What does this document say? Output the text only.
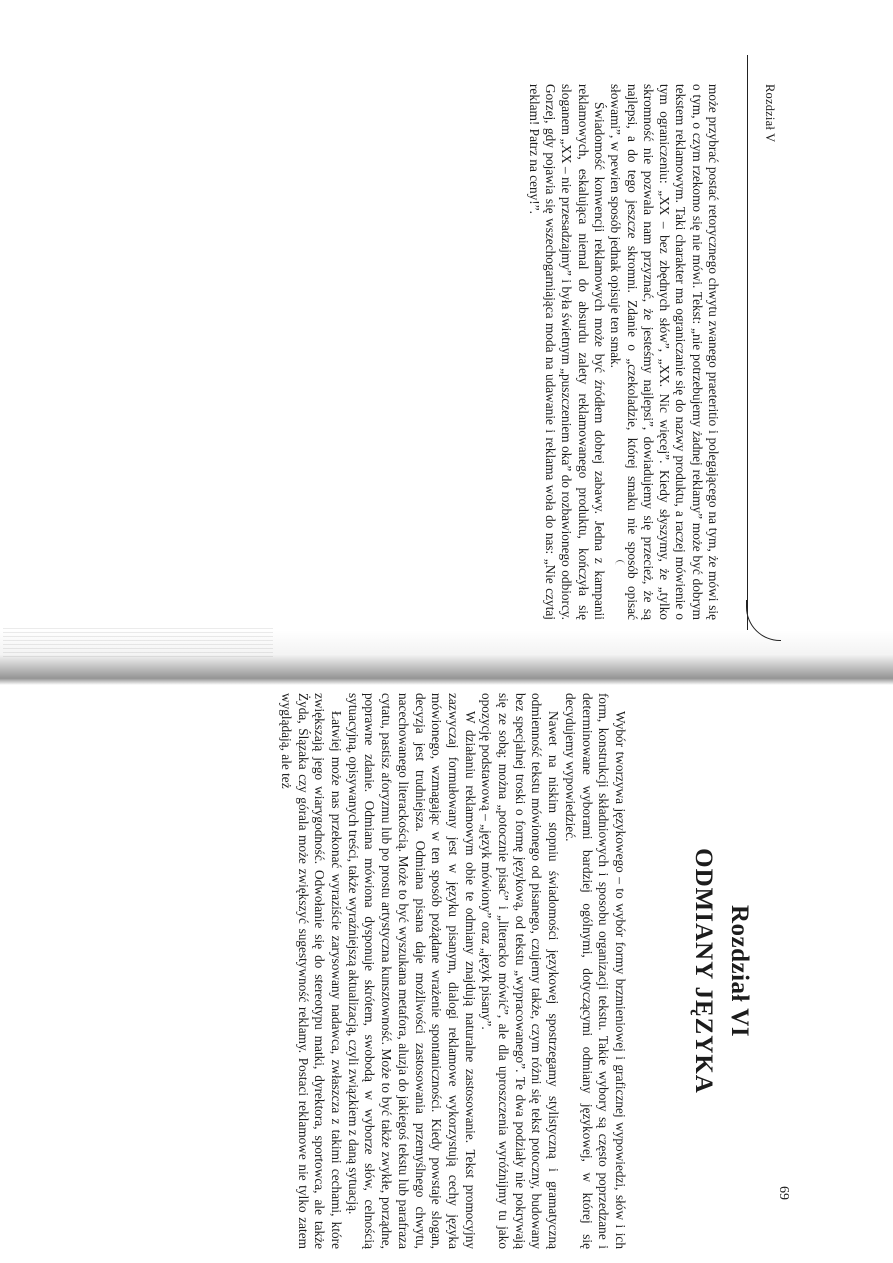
Rozdział V

może przybrać postać retorycznego chwytu zwanego praeteritio i polegającego na tym, że mówi się o tym, o czym rzekomo się nie mówi. Tekst: „nie potrzebujemy żadnej reklamy” może być dobrym tekstem reklamowym. Taki charakter ma ograniczanie się do nazwy produktu, a raczej mówienie o tym ograniczeniu: „XX – bez zbędnych słów”, „XX. Nic więcej”. Kiedy słyszymy, że „tylko skromność nie pozwala nam przyznać, że jesteśmy najlepsi”, dowiadujemy się przecież, że są najlepsi, a do tego jeszcze skromni. Zdanie o „czekoladzie, której smaku nie sposób opisać słowami”, w pewien sposób jednak opisuje ten smak.

Świadomość konwencji reklamowych może być źródłem dobrej zabawy. Jedna z kampanii reklamowych, eskalująca niemal do absurdu zalety reklamowanego produktu, kończyła się sloganem „XX – nie przesadzajmy” i była świetnym „puszczeniem oka” do rozbawionego odbiorcy. Gorzej, gdy pojawia się wszechogarniająca moda na udawanie i reklama woła do nas: „Nie czytaj reklam! Patrz na ceny!”.

Rozdział VI
ODMIANY JĘZYKA

Wybór tworzywa językowego – to wybór formy brzmieniowej i graficznej wypowiedzi, słów i ich form, konstrukcji składniowych i sposobu organizacji tekstu. Takie wybory są często poprzedzane i determinowane wyborami bardziej ogólnymi, dotyczącymi odmiany językowej, w której się decydujemy wypowiedzieć.

Nawet na niskim stopniu świadomości językowej spostrzegamy stylistyczną i gramatyczną odmienność tekstu mówionego od pisanego, czujemy także, czym różni się tekst potoczny, budowany bez specjalnej troski o formę językową, od tekstu „wypracowanego”. Te dwa podziały nie pokrywają się ze sobą; można „potocznie pisać” i „literacko mówić”, ale dla uproszczenia wyróżnijmy tu jako opozycję podstawową – „język mówiony” oraz „język pisany”.

W działaniu reklamowym obie te odmiany znajdują naturalne zastosowanie. Tekst promocyjny zazwyczaj formułowany jest w języku pisanym, dialogi reklamowe wykorzystują cechy języka mówionego, wzmagając w ten sposób pożądane wrażenie spontaniczności. Kiedy powstaje slogan, decyzja jest trudniejsza. Odmiana pisana daje możliwości zastosowania przemyślnego chwytu, nacechowanego literackością. Może to być wyszukana metafora, aluzja do jakiegoś tekstu lub parafraza cytatu, pastisz aforyzmu lub po prostu artystyczna kunsztowność. Może to być także zwykłe, porządne, poprawne zdanie. Odmiana mówiona dysponuje skrótem, swobodą w wyborze słów, celnością sytuacyjną, opisywanych treści, także wyraźniejszą aktualizacją, czyli związkiem z daną sytuacją.

Łatwiej może nas przekonać wyraziście zarysowany nadawca, zwłaszcza z takimi cechami, które zwiększają jego wiarygodność. Odwołanie się do stereotypu matki, dyrektora, sportowca, ale także Żyda, Ślązaka czy górala może zwiększyć sugestywność reklamy. Postaci reklamowe nie tylko zatem wyglądają, ale też

69
